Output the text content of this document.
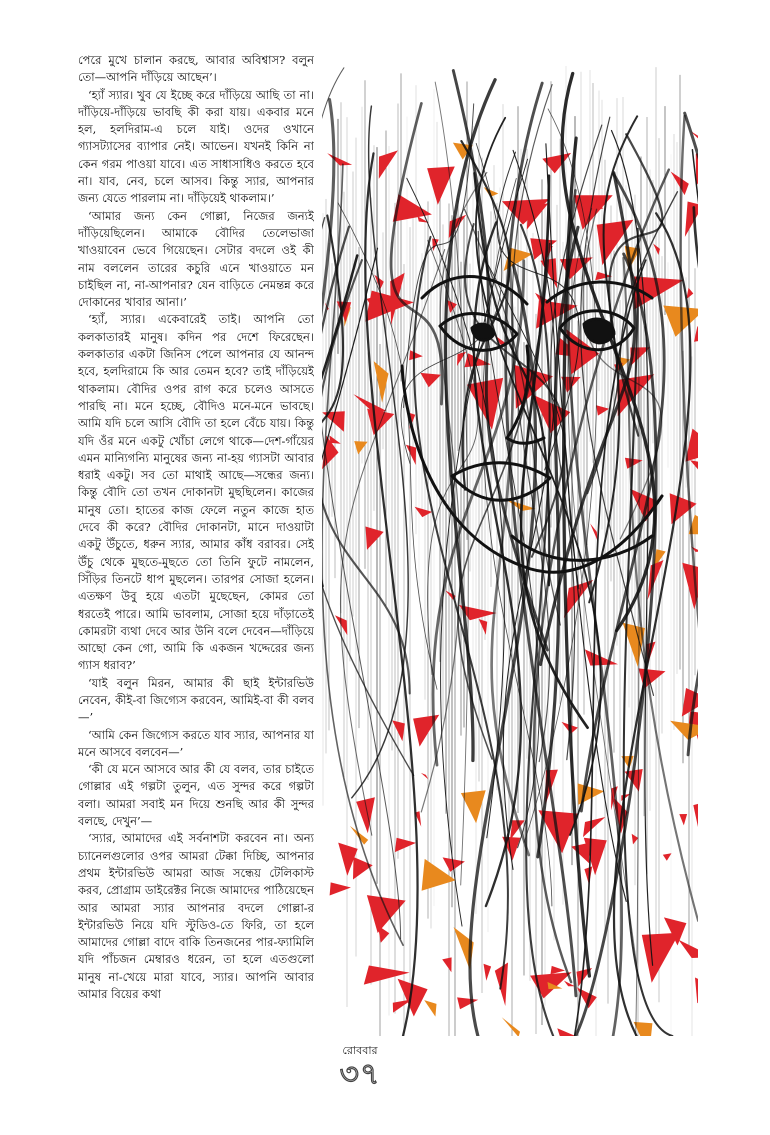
পেরে মুখে চালান করছে, আবার অবিশ্বাস? বলুন তো—আপনি দাঁড়িয়ে আছেন’।

‘হ্যাঁ স্যার। খুব যে ইচ্ছে করে দাঁড়িয়ে আছি তা না। দাঁড়িয়ে-দাঁড়িয়ে ভাবছি কী করা যায়। একবার মনে হল, হলদিরাম-এ চলে যাই। ওদের ওখানে গ্যাসট্যাসের ব্যাপার নেই। আভেন। যখনই কিনি না কেন গরম পাওয়া যাবে। এত সাধাসাধিও করতে হবে না। যাব, নেব, চলে আসব। কিন্তু স্যার, আপনার জন্য যেতে পারলাম না। দাঁড়িয়েই থাকলাম।’

‘আমার জন্য কেন গোল্লা, নিজের জন্যই দাঁড়িয়েছিলেন। আমাকে বৌদির তেলেভাজা খাওয়াবেন ভেবে গিয়েছেন। সেটার বদলে ওই কী নাম বললেন তারের কচুরি এনে খাওয়াতে মন চাইছিল না, না-আপনার? যেন বাড়িতে নেমন্তন্ন করে দোকানের খাবার আনা।’

‘হ্যাঁ, স্যার। একেবারেই তাই। আপনি তো কলকাতারই মানুষ। কদিন পর দেশে ফিরেছেন। কলকাতার একটা জিনিস পেলে আপনার যে আনন্দ হবে, হলদিরামে কি আর তেমন হবে? তাই দাঁড়িয়েই থাকলাম। বৌদির ওপর রাগ করে চলেও আসতে পারছি না। মনে হচ্ছে, বৌদিও মনে-মনে ভাবছে। আমি যদি চলে আসি বৌদি তা হলে বেঁচে যায়। কিন্তু যদি ওঁর মনে একটু খোঁচা লেগে থাকে—দেশ-গাঁয়ের এমন মান্যিগন্যি মানুষের জন্য না-হয় গ্যাসটা আবার ধরাই একটু। সব তো মাথাই আছে—সন্ধের জন্য। কিন্তু বৌদি তো তখন দোকানটা মুছছিলেন। কাজের মানুষ তো। হাতের কাজ ফেলে নতুন কাজে হাত দেবে কী করে? বৌদির দোকানটা, মানে দাওয়াটা একটু উঁচুতে, ধরুন স্যার, আমার কাঁধ বরাবর। সেই উঁচু থেকে মুছতে-মুছতে তো তিনি ফুটে নামলেন, সিঁড়ির তিনটে ধাপ মুছলেন। তারপর সোজা হলেন। এতক্ষণ উবু হয়ে এতটা মুছেছেন, কোমর তো ধরতেই পারে। আমি ভাবলাম, সোজা হয়ে দাঁড়াতেই কোমরটা ব্যথা দেবে আর উনি বলে দেবেন—দাঁড়িয়ে আছো কেন গো, আমি কি একজন খদ্দেরের জন্য গ্যাস ধরাব?’

‘যাই বলুন মিরন, আমার কী ছাই ইন্টারভিউ নেবেন, কীই-বা জিগ্যেস করবেন, আমিই-বা কী বলব—’

‘আমি কেন জিগ্যেস করতে যাব স্যার, আপনার যা মনে আসবে বলবেন—’

‘কী যে মনে আসবে আর কী যে বলব, তার চাইতে গোল্লার এই গল্পটা তুলুন, এত সুন্দর করে গল্পটা বলা। আমরা সবাই মন দিয়ে শুনছি আর কী সুন্দর বলছে, দেখুন’—

‘স্যার, আমাদের এই সর্বনাশটা করবেন না। অন্য চ্যানেলগুলোর ওপর আমরা টেক্কা দিচ্ছি, আপনার প্রথম ইন্টারভিউ আমরা আজ সন্ধেয় টেলিকাস্ট করব, প্রোগ্রাম ডাইরেক্টর নিজে আমাদের পাঠিয়েছেন আর আমরা স্যার আপনার বদলে গোল্লা-র ইন্টারভিউ নিয়ে যদি স্টুডিও-তে ফিরি, তা হলে আমাদের গোল্লা বাদে বাকি তিনজনের পার-ফ্যামিলি যদি পাঁচজন মেম্বারও ধরেন, তা হলে এতগুলো মানুষ না-খেয়ে মারা যাবে, স্যার। আপনি আবার আমার বিয়ের কথা

রোববার
৩৭
